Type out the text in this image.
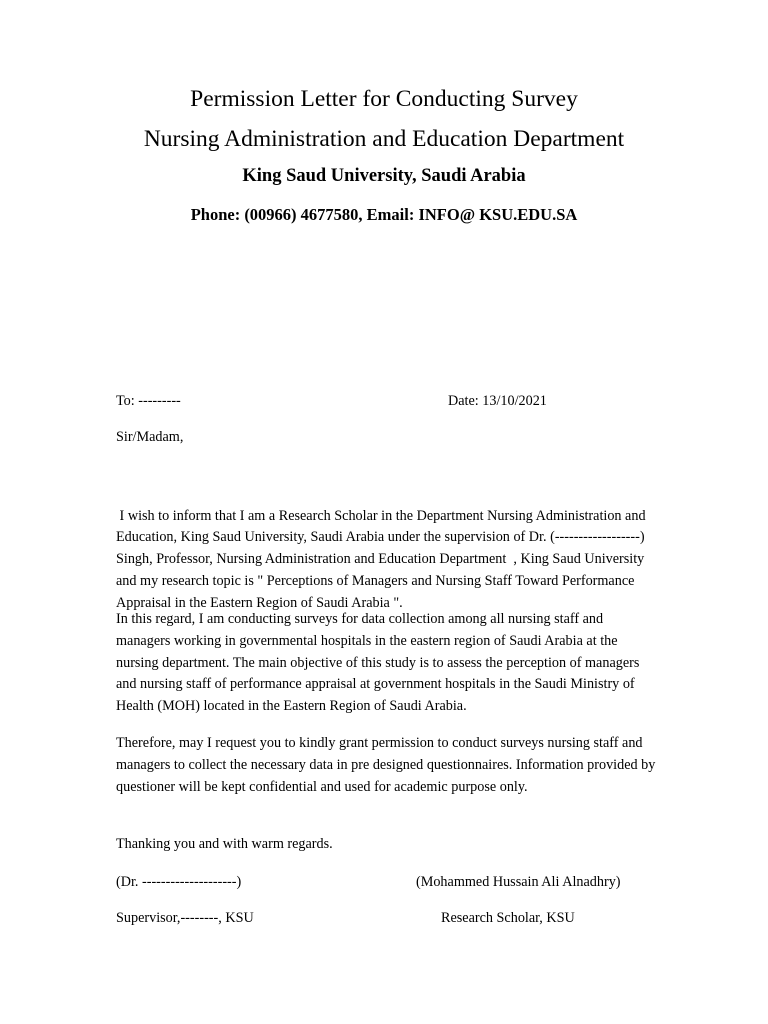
Permission Letter for Conducting Survey
Nursing Administration and Education Department
King Saud University, Saudi Arabia
Phone: (00966) 4677580, Email: INFO@ KSU.EDU.SA
To: ---------	Date: 13/10/2021
Sir/Madam,

I wish to inform that I am a Research Scholar in the Department Nursing Administration and Education, King Saud University, Saudi Arabia under the supervision of Dr. (------------------) Singh, Professor, Nursing Administration and Education Department  , King Saud University and my research topic is " Perceptions of Managers and Nursing Staff Toward Performance Appraisal in the Eastern Region of Saudi Arabia ".

In this regard, I am conducting surveys for data collection among all nursing staff and managers working in governmental hospitals in the eastern region of Saudi Arabia at the nursing department. The main objective of this study is to assess the perception of managers and nursing staff of performance appraisal at government hospitals in the Saudi Ministry of Health (MOH) located in the Eastern Region of Saudi Arabia.

Therefore, may I request you to kindly grant permission to conduct surveys nursing staff and managers to collect the necessary data in pre designed questionnaires. Information provided by questioner will be kept confidential and used for academic purpose only.

Thanking you and with warm regards.
(Dr. --------------------)	(Mohammed Hussain Ali Alnadhry)
Supervisor,--------, KSU	Research Scholar, KSU
